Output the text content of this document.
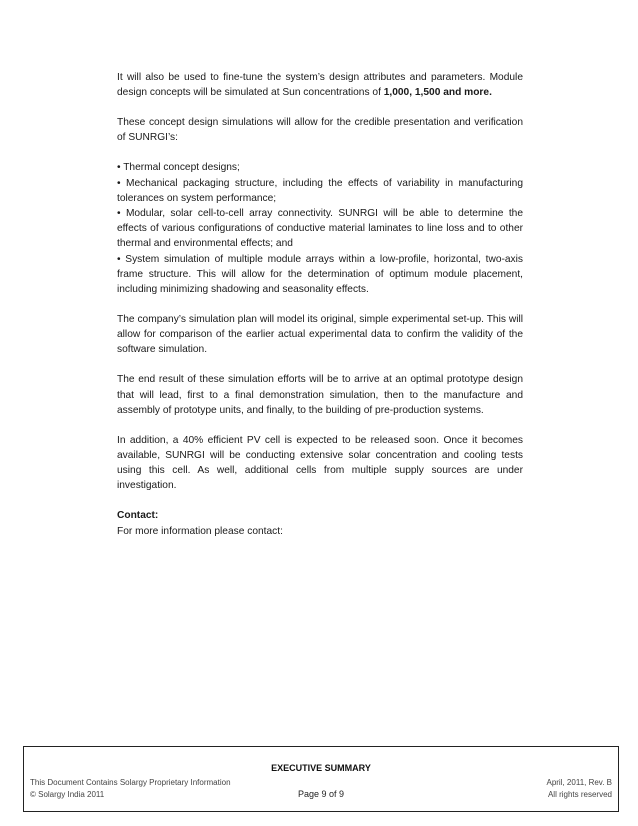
It will also be used to fine-tune the system’s design attributes and parameters. Module design concepts will be simulated at Sun concentrations of 1,000, 1,500 and more.

These concept design simulations will allow for the credible presentation and verification of SUNRGI’s:

• Thermal concept designs;
• Mechanical packaging structure, including the effects of variability in manufacturing tolerances on system performance;
• Modular, solar cell-to-cell array connectivity. SUNRGI will be able to determine the effects of various configurations of conductive material laminates to line loss and to other thermal and environmental effects; and
• System simulation of multiple module arrays within a low-profile, horizontal, two-axis frame structure. This will allow for the determination of optimum module placement, including minimizing shadowing and seasonality effects.

The company’s simulation plan will model its original, simple experimental set-up. This will allow for comparison of the earlier actual experimental data to confirm the validity of the software simulation.

The end result of these simulation efforts will be to arrive at an optimal prototype design that will lead, first to a final demonstration simulation, then to the manufacture and assembly of prototype units, and finally, to the building of pre-production systems.

In addition, a 40% efficient PV cell is expected to be released soon. Once it becomes available, SUNRGI will be conducting extensive solar concentration and cooling tests using this cell. As well, additional cells from multiple supply sources are under investigation.

Contact:
For more information please contact:
EXECUTIVE SUMMARY
This Document Contains Solargy Proprietary Information
© Solargy India 2011	Page 9 of 9
April, 2011, Rev. B
All rights reserved
